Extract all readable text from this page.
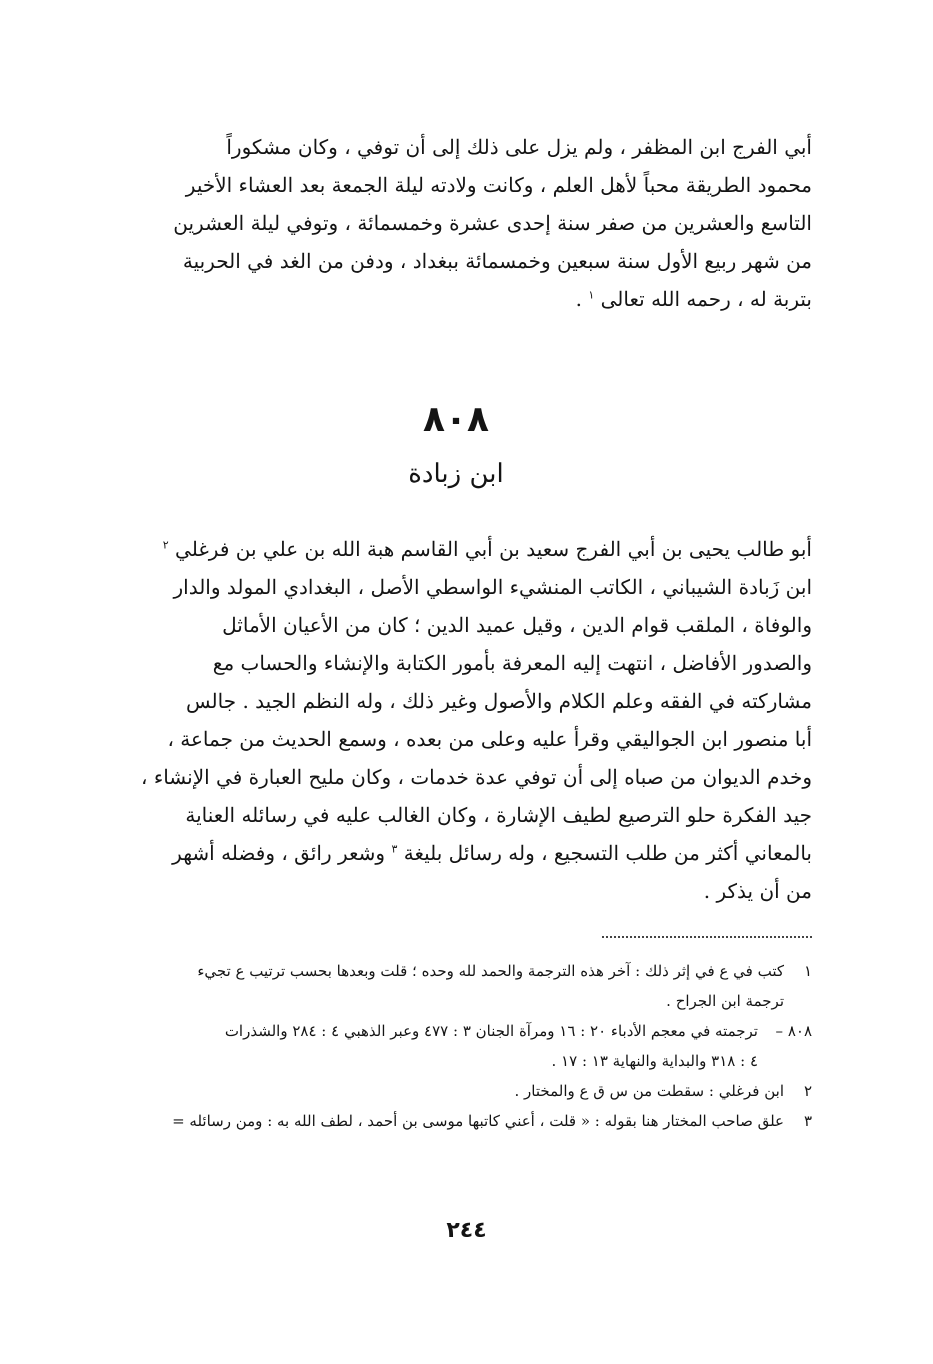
أبي الفرج ابن المظفر ، ولم يزل على ذلك إلى أن توفي ، وكان مشكوراً

محمود الطريقة محباً لأهل العلم ، وكانت ولادته ليلة الجمعة بعد العشاء الأخير

التاسع والعشرين من صفر سنة إحدى عشرة وخمسمائة ، وتوفي ليلة العشرين

من شهر ربيع الأول سنة سبعين وخمسمائة ببغداد ، ودفن من الغد في الحربية

بتربة له ، رحمه الله تعالى $^١$ .

٨٠٨
ابن زبادة

أبو طالب يحيى بن أبي الفرج سعيد بن أبي القاسم هبة الله بن علي بن فرغلي $^٢$

ابن زَبادة الشيباني ، الكاتب المنشيء الواسطي الأصل ، البغدادي المولد والدار

والوفاة ، الملقب قوام الدين ، وقيل عميد الدين ؛ كان من الأعيان الأماثل

والصدور الأفاضل ، انتهت إليه المعرفة بأمور الكتابة والإنشاء والحساب مع

مشاركته في الفقه وعلم الكلام والأصول وغير ذلك ، وله النظم الجيد . جالس

أبا منصور ابن الجواليقي وقرأ عليه وعلى من بعده ، وسمع الحديث من جماعة ،

وخدم الديوان من صباه إلى أن توفي عدة خدمات ، وكان مليح العبارة في الإنشاء ،

جيد الفكرة حلو الترصيع لطيف الإشارة ، وكان الغالب عليه في رسائله العناية

بالمعاني أكثر من طلب التسجيع ، وله رسائل بليغة $^٣$ وشعر رائق ، وفضله أشهر

من أن يذكر .

١
كتب في ع في إثر ذلك : آخر هذه الترجمة والحمد لله وحده ؛ قلت وبعدها بحسب ترتيب ع تجيء
ترجمة ابن الجراح .
٨٠٨ –
ترجمته في معجم الأدباء ٢٠ : ١٦ ومرآة الجنان ٣ : ٤٧٧ وعبر الذهبي ٤ : ٢٨٤ والشذرات
٤ : ٣١٨ والبداية والنهاية ١٣ : ١٧ .
٢
ابن فرغلي : سقطت من س ق ع والمختار .
٣
علق صاحب المختار هنا بقوله : « قلت ، أعني كاتبها موسى بن أحمد ، لطف الله به : ومن رسائله =
٢٤٤
